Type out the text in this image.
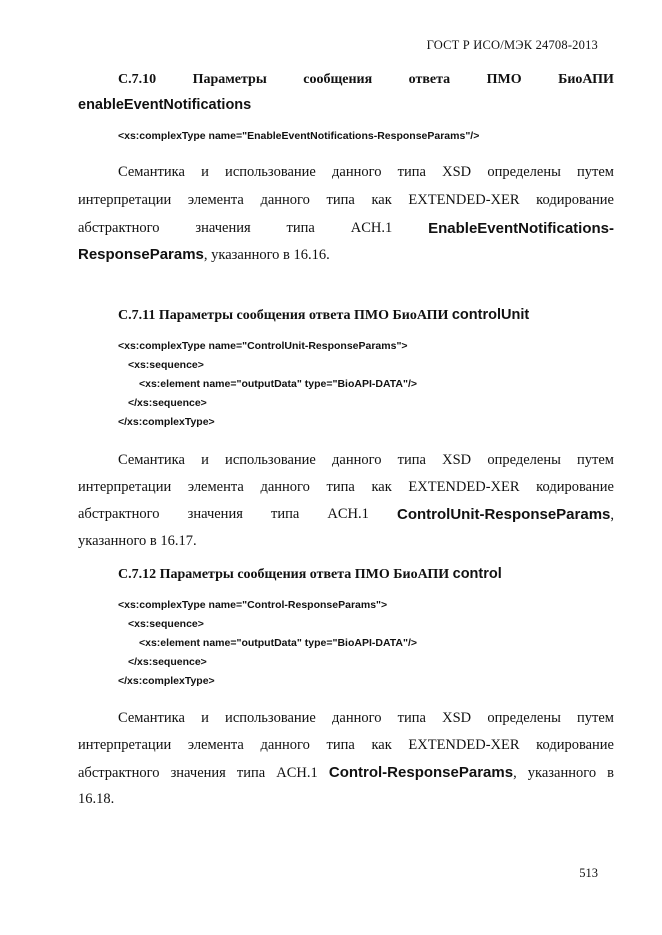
ГОСТ Р ИСО/МЭК 24708-2013
C.7.10	Параметры	сообщения	ответа	ПМО	БиоАПИ
enableEventNotifications
<xs:complexType name="EnableEventNotifications-ResponseParams"/>
Семантика и использование данного типа XSD определены путем
интерпретации элемента данного типа как EXTENDED-XER кодирование
абстрактного значения типа ACH.1 EnableEventNotifications-
ResponseParams, указанного в 16.16.
C.7.11 Параметры сообщения ответа ПМО БиоАПИ controlUnit
<xs:complexType name="ControlUnit-ResponseParams">
<xs:sequence>
<xs:element name="outputData" type="BioAPI-DATA"/>
</xs:sequence>
</xs:complexType>
Семантика и использование данного типа XSD определены путем
интерпретации элемента данного типа как EXTENDED-XER кодирование
абстрактного значения типа ACH.1 ControlUnit-ResponseParams,
указанного в 16.17.
C.7.12 Параметры сообщения ответа ПМО БиоАПИ control
<xs:complexType name="Control-ResponseParams">
<xs:sequence>
<xs:element name="outputData" type="BioAPI-DATA"/>
</xs:sequence>
</xs:complexType>
Семантика и использование данного типа XSD определены путем
интерпретации элемента данного типа как EXTENDED-XER кодирование
абстрактного значения типа ACH.1 Control-ResponseParams, указанного в
16.18.
513
